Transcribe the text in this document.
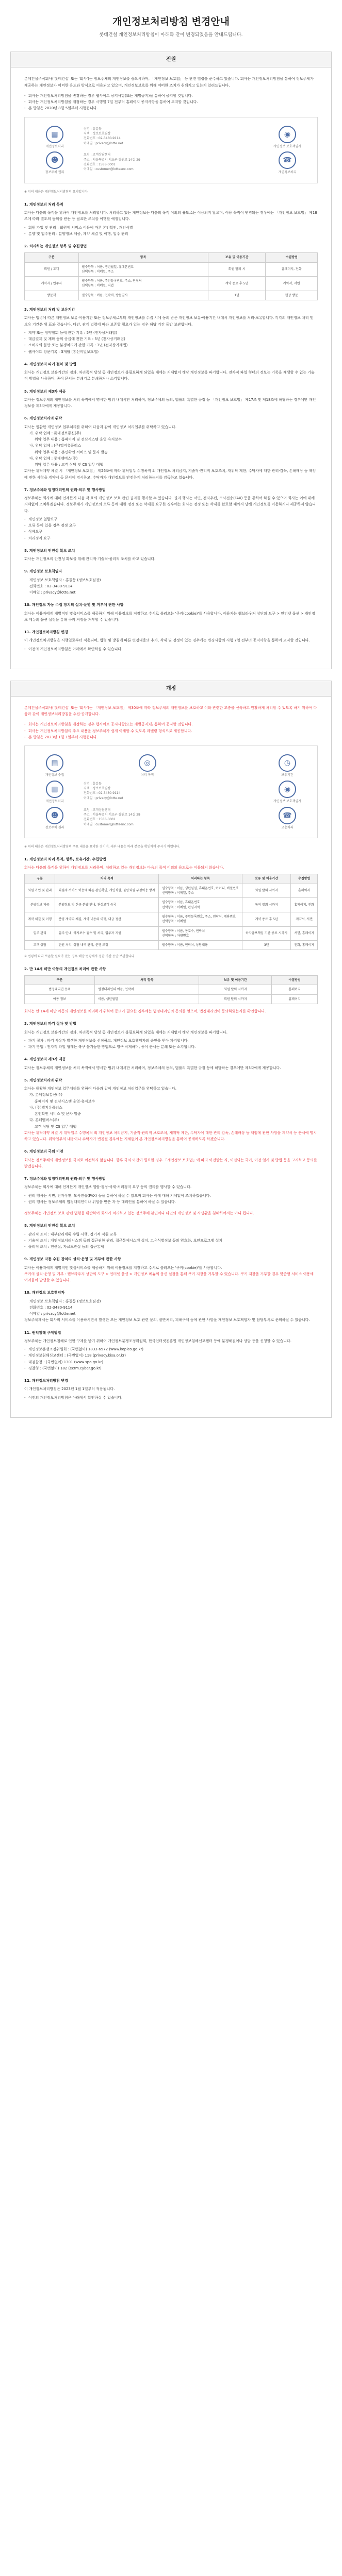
개인정보처리방침 변경안내
롯데건설 개인정보처리방침이 아래와 같이 변경되었음을 안내드립니다.
전원

롯데건설주식회사('롯데건설' 또는 '회사')는 정보주체의 개인정보를 중요시하며, 「개인정보 보호법」 등 관련 법령을 준수하고 있습니다. 회사는 개인정보처리방침을 통하여 정보주체가 제공하는 개인정보가 어떠한 용도와 방식으로 이용되고 있으며, 개인정보보호를 위해 어떠한 조치가 취해지고 있는지 알려드립니다.

- 회사는 개인정보처리방침을 변경하는 경우 웹사이트 공지사항(또는 개별공지)을 통하여 공지할 것입니다.
- 회사는 개인정보처리방침을 개정하는 경우 시행일 7일 전부터 홈페이지 공지사항을 통하여 고지할 것입니다.
- 본 방침은 2020년 8월 5일부터 시행됩니다.
▦
개인정보처리
성명 : 홍길동
직책 : 정보보호팀장
전화번호 : 02-3480-9114
이메일 : privacy@lotte.net
◉
개인정보 보호책임자
☻
정보주체 권리
요청 : 고객상담센터
주소 : 서울특별시 서초구 잠원로 14길 29
전화번호 : 1588-0001
이메일 : customer@lotteenc.com
☎
개인정보처리
※ 위의 내용은 개인정보처리방침의 요약입니다.
1. 개인정보의 처리 목적

회사는 다음의 목적을 위하여 개인정보를 처리합니다. 처리하고 있는 개인정보는 다음의 목적 이외의 용도로는 이용되지 않으며, 이용 목적이 변경되는 경우에는 「개인정보 보호법」 제18조에 따라 별도의 동의를 받는 등 필요한 조치를 이행할 예정입니다.

- 회원 가입 및 관리 : 회원제 서비스 이용에 따른 본인확인, 개인식별
- 분양 및 입주관리 : 분양정보 제공, 계약 체결 및 이행, 입주 관리
2. 처리하는 개인정보 항목 및 수집방법
구분	항목	보유 및 이용기간	수집방법
회원 / 고객	필수항목 : 이름, 생년월일, 휴대폰번호
선택항목 : 이메일, 주소	회원 탈퇴 시	홈페이지, 전화
계약자 / 입주자	필수항목 : 이름, 주민등록번호, 주소, 연락처
선택항목 : 이메일, 직업	계약 종료 후 5년	계약서, 서면
방문객	필수항목 : 이름, 연락처, 방문일시	1년	현장 방문
3. 개인정보의 처리 및 보유기간

회사는 법령에 따른 개인정보 보유·이용기간 또는 정보주체로부터 개인정보를 수집 시에 동의 받은 개인정보 보유·이용기간 내에서 개인정보를 처리·보유합니다. 각각의 개인정보 처리 및 보유 기간은 위 표와 같습니다. 다만, 관계 법령에 따라 보존할 필요가 있는 경우 해당 기간 동안 보관합니다.

- 계약 또는 청약철회 등에 관한 기록 : 5년 (전자상거래법)
- 대금결제 및 재화 등의 공급에 관한 기록 : 5년 (전자상거래법)
- 소비자의 불만 또는 분쟁처리에 관한 기록 : 3년 (전자상거래법)
- 웹사이트 방문기록 : 3개월 (통신비밀보호법)
4. 개인정보의 파기 절차 및 방법

회사는 개인정보 보유기간의 경과, 처리목적 달성 등 개인정보가 불필요하게 되었을 때에는 지체없이 해당 개인정보를 파기합니다. 전자적 파일 형태의 정보는 기록을 재생할 수 없는 기술적 방법을 사용하며, 종이 문서는 분쇄기로 분쇄하거나 소각합니다.

5. 개인정보의 제3자 제공

회사는 정보주체의 개인정보를 처리 목적에서 명시한 범위 내에서만 처리하며, 정보주체의 동의, 법률의 특별한 규정 등 「개인정보 보호법」 제17조 및 제18조에 해당하는 경우에만 개인정보를 제3자에게 제공합니다.

6. 개인정보처리의 위탁

회사는 원활한 개인정보 업무처리를 위하여 다음과 같이 개인정보 처리업무를 위탁하고 있습니다.

가. 위탁 업체 : 롯데정보통신(주)
위탁 업무 내용 : 홈페이지 및 전산시스템 운영·유지보수
나. 위탁 업체 : (주)엘지유플러스
위탁 업무 내용 : 본인확인 서비스 및 문자 발송
다. 위탁 업체 : 롯데멤버스(주)
위탁 업무 내용 : 고객 상담 및 CS 업무 대행

회사는 위탁계약 체결 시 「개인정보 보호법」 제26조에 따라 위탁업무 수행목적 외 개인정보 처리금지, 기술적·관리적 보호조치, 재위탁 제한, 수탁자에 대한 관리·감독, 손해배상 등 책임에 관한 사항을 계약서 등 문서에 명시하고, 수탁자가 개인정보를 안전하게 처리하는지를 감독하고 있습니다.

7. 정보주체와 법정대리인의 권리·의무 및 행사방법

정보주체는 회사에 대해 언제든지 다음 각 호의 개인정보 보호 관련 권리를 행사할 수 있습니다. 권리 행사는 서면, 전자우편, 모사전송(FAX) 등을 통하여 하실 수 있으며 회사는 이에 대해 지체없이 조치하겠습니다. 정보주체가 개인정보의 오류 등에 대한 정정 또는 삭제를 요구한 경우에는 회사는 정정 또는 삭제를 완료할 때까지 당해 개인정보를 이용하거나 제공하지 않습니다.

- 개인정보 열람요구
- 오류 등이 있을 경우 정정 요구
- 삭제요구
- 처리정지 요구
8. 개인정보의 안전성 확보 조치

회사는 개인정보의 안전성 확보를 위해 관리적·기술적·물리적 조치를 하고 있습니다.

9. 개인정보 보호책임자
개인정보 보호책임자 : 홍길동 (정보보호팀장)
전화번호 : 02-3480-9114
이메일 : privacy@lotte.net
10. 개인정보 자동 수집 장치의 설치·운영 및 거부에 관한 사항

회사는 이용자에게 개별적인 맞춤서비스를 제공하기 위해 이용정보를 저장하고 수시로 불러오는 '쿠키(cookie)'를 사용합니다. 이용자는 웹브라우저 상단의 도구 > 인터넷 옵션 > 개인정보 메뉴의 옵션 설정을 통해 쿠키 저장을 거부할 수 있습니다.

11. 개인정보처리방침 변경

이 개인정보처리방침은 시행일로부터 적용되며, 법령 및 방침에 따른 변경내용의 추가, 삭제 및 정정이 있는 경우에는 변경사항의 시행 7일 전부터 공지사항을 통하여 고지할 것입니다.

- 이전의 개인정보처리방침은 아래에서 확인하실 수 있습니다.
개정

롯데건설주식회사('롯데건설' 또는 '회사')는 「개인정보 보호법」 제30조에 따라 정보주체의 개인정보를 보호하고 이와 관련한 고충을 신속하고 원활하게 처리할 수 있도록 하기 위하여 다음과 같이 개인정보처리방침을 수립·공개합니다.

- 회사는 개인정보처리방침을 개정하는 경우 웹사이트 공지사항(또는 개별공지)을 통하여 공지할 것입니다.
- 회사는 개인정보처리방침의 주요 내용을 정보주체가 쉽게 이해할 수 있도록 라벨링 형식으로 제공합니다.
- 본 방침은 2023년 1월 1일부터 시행됩니다.
▤
개인정보 수집
◎
처리 목적
◷
보유기간
▦
개인정보처리
성명 : 홍길동
직책 : 정보보호팀장
전화번호 : 02-3480-9114
이메일 : privacy@lotte.net
◉
개인정보 보호책임자
☻
정보주체 권리
요청 : 고객상담센터
주소 : 서울특별시 서초구 잠원로 14길 29
전화번호 : 1588-0001
이메일 : customer@lotteenc.com
☎
고충처리
※ 위의 내용은 개인정보처리방침의 주요 내용을 요약한 것이며, 세부 내용은 아래 본문을 확인하여 주시기 바랍니다.
1. 개인정보의 처리 목적, 항목, 보유기간, 수집방법

회사는 다음의 목적을 위하여 개인정보를 처리하며, 처리하고 있는 개인정보는 다음의 목적 이외의 용도로는 이용되지 않습니다.

구분	처리 목적	처리하는 항목	보유 및 이용기간	수집방법
회원 가입 및 관리	회원제 서비스 이용에 따른 본인확인, 개인식별, 불량회원 부정이용 방지	필수항목 : 이름, 생년월일, 휴대폰번호, 아이디, 비밀번호
선택항목 : 이메일, 주소	회원 탈퇴 시까지	홈페이지
분양정보 제공	분양정보 및 신규 분양 안내, 관심고객 등록	필수항목 : 이름, 휴대폰번호
선택항목 : 이메일, 관심지역	동의 철회 시까지	홈페이지, 전화
계약 체결 및 이행	분양 계약의 체결, 계약 내용의 이행, 대금 정산	필수항목 : 이름, 주민등록번호, 주소, 연락처, 계좌번호
선택항목 : 이메일	계약 종료 후 5년	계약서, 서면
입주 관리	입주 안내, 하자보수 접수 및 처리, 입주자 지원	필수항목 : 이름, 동호수, 연락처
선택항목 : 차량번호	하자담보책임 기간 종료 시까지	서면, 홈페이지
고객 상담	민원 처리, 상담 내역 관리, 분쟁 조정	필수항목 : 이름, 연락처, 상담내용	3년	전화, 홈페이지
※ 법령에 따라 보존할 필요가 있는 경우 해당 법령에서 정한 기간 동안 보관합니다.
2. 만 14세 미만 아동의 개인정보 처리에 관한 사항
구분	처리 항목	보유 및 이용기간	수집방법
법정대리인 동의	법정대리인의 이름, 연락처	회원 탈퇴 시까지	홈페이지
아동 정보	이름, 생년월일	회원 탈퇴 시까지	홈페이지

회사는 만 14세 미만 아동의 개인정보를 처리하기 위하여 동의가 필요한 경우에는 법정대리인의 동의를 얻으며, 법정대리인이 동의하였는지를 확인합니다.

3. 개인정보의 파기 절차 및 방법

회사는 개인정보 보유기간의 경과, 처리목적 달성 등 개인정보가 불필요하게 되었을 때에는 지체없이 해당 개인정보를 파기합니다.

- 파기 절차 : 파기 사유가 발생한 개인정보를 선정하고, 개인정보 보호책임자의 승인을 받아 파기합니다.
- 파기 방법 : 전자적 파일 형태는 복구 불가능한 방법으로 영구 삭제하며, 종이 문서는 분쇄 또는 소각합니다.
4. 개인정보의 제3자 제공

회사는 정보주체의 개인정보를 처리 목적에서 명시한 범위 내에서만 처리하며, 정보주체의 동의, 법률의 특별한 규정 등에 해당하는 경우에만 제3자에게 제공합니다.

5. 개인정보처리의 위탁

회사는 원활한 개인정보 업무처리를 위하여 다음과 같이 개인정보 처리업무를 위탁하고 있습니다.

가. 롯데정보통신(주)
홈페이지 및 전산시스템 운영·유지보수
나. (주)엘지유플러스
본인확인 서비스 및 문자 발송
다. 롯데멤버스(주)
고객 상담 및 CS 업무 대행

회사는 위탁계약 체결 시 위탁업무 수행목적 외 개인정보 처리금지, 기술적·관리적 보호조치, 재위탁 제한, 수탁자에 대한 관리·감독, 손해배상 등 책임에 관한 사항을 계약서 등 문서에 명시하고 있습니다. 위탁업무의 내용이나 수탁자가 변경될 경우에는 지체없이 본 개인정보처리방침을 통하여 공개하도록 하겠습니다.

6. 개인정보의 국외 이전

회사는 정보주체의 개인정보를 국외로 이전하지 않습니다. 향후 국외 이전이 필요한 경우 「개인정보 보호법」에 따라 이전받는 자, 이전되는 국가, 이전 일시 및 방법 등을 고지하고 동의를 받겠습니다.

7. 정보주체와 법정대리인의 권리·의무 및 행사방법

정보주체는 회사에 대해 언제든지 개인정보 열람·정정·삭제·처리정지 요구 등의 권리를 행사할 수 있습니다.

- 권리 행사는 서면, 전자우편, 모사전송(FAX) 등을 통하여 하실 수 있으며 회사는 이에 대해 지체없이 조치하겠습니다.
- 권리 행사는 정보주체의 법정대리인이나 위임을 받은 자 등 대리인을 통하여 하실 수 있습니다.

정보주체는 개인정보 보호 관련 법령을 위반하여 회사가 처리하고 있는 정보주체 본인이나 타인의 개인정보 및 사생활을 침해하여서는 아니 됩니다.

8. 개인정보의 안전성 확보 조치
- 관리적 조치 : 내부관리계획 수립·시행, 정기적 직원 교육
- 기술적 조치 : 개인정보처리시스템 등의 접근권한 관리, 접근통제시스템 설치, 고유식별정보 등의 암호화, 보안프로그램 설치
- 물리적 조치 : 전산실, 자료보관실 등의 접근통제
9. 개인정보 자동 수집 장치의 설치·운영 및 거부에 관한 사항

회사는 이용자에게 개별적인 맞춤서비스를 제공하기 위해 이용정보를 저장하고 수시로 불러오는 '쿠키(cookie)'를 사용합니다.

쿠키의 설치·운영 및 거부 : 웹브라우저 상단의 도구 > 인터넷 옵션 > 개인정보 메뉴의 옵션 설정을 통해 쿠키 저장을 거부할 수 있습니다. 쿠키 저장을 거부할 경우 맞춤형 서비스 이용에 어려움이 발생할 수 있습니다.

10. 개인정보 보호책임자
개인정보 보호책임자 : 홍길동 (정보보호팀장)
전화번호 : 02-3480-9114
이메일 : privacy@lotte.net

정보주체께서는 회사의 서비스를 이용하시면서 발생한 모든 개인정보 보호 관련 문의, 불만처리, 피해구제 등에 관한 사항을 개인정보 보호책임자 및 담당부서로 문의하실 수 있습니다.

11. 권익침해 구제방법

정보주체는 개인정보침해로 인한 구제를 받기 위하여 개인정보분쟁조정위원회, 한국인터넷진흥원 개인정보침해신고센터 등에 분쟁해결이나 상담 등을 신청할 수 있습니다.

- 개인정보분쟁조정위원회 : (국번없이) 1833-6972 (www.kopico.go.kr)
- 개인정보침해신고센터 : (국번없이) 118 (privacy.kisa.or.kr)
- 대검찰청 : (국번없이) 1301 (www.spo.go.kr)
- 경찰청 : (국번없이) 182 (ecrm.cyber.go.kr)
12. 개인정보처리방침 변경

이 개인정보처리방침은 2023년 1월 1일부터 적용됩니다.

- 이전의 개인정보처리방침은 아래에서 확인하실 수 있습니다.
